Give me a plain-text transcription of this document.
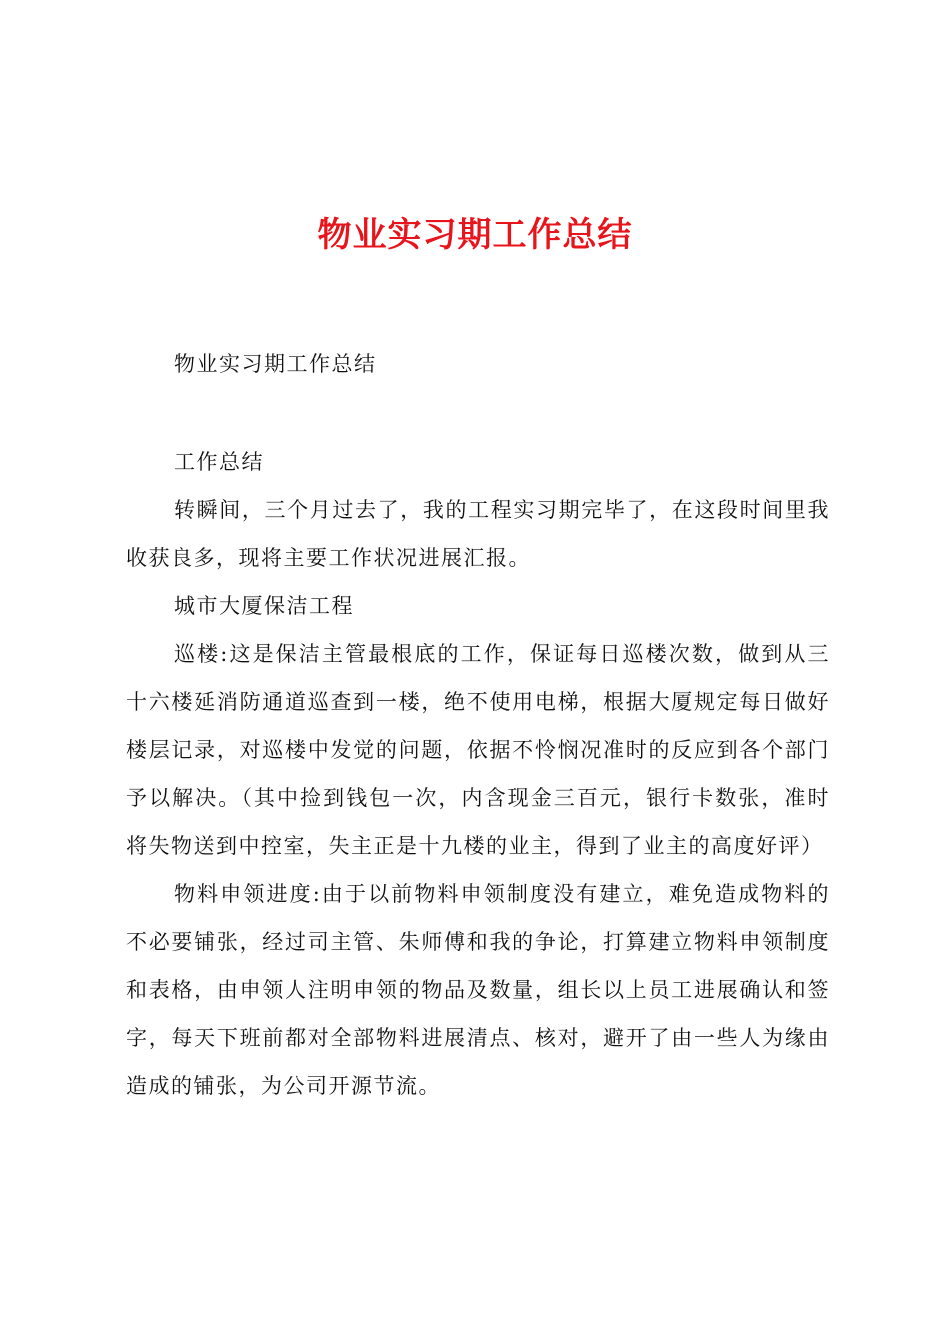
物业实习期工作总结

物业实习期工作总结

工作总结

转瞬间，三个月过去了，我的工程实习期完毕了，在这段时间里我收获良多，现将主要工作状况进展汇报。

城市大厦保洁工程

巡楼:这是保洁主管最根底的工作，保证每日巡楼次数，做到从三十六楼延消防通道巡查到一楼，绝不使用电梯，根据大厦规定每日做好楼层记录，对巡楼中发觉的问题，依据不怜悯况准时的反应到各个部门予以解决。（其中捡到钱包一次，内含现金三百元，银行卡数张，准时将失物送到中控室，失主正是十九楼的业主，得到了业主的高度好评）

物料申领进度:由于以前物料申领制度没有建立，难免造成物料的不必要铺张，经过司主管、朱师傅和我的争论，打算建立物料申领制度和表格，由申领人注明申领的物品及数量，组长以上员工进展确认和签字，每天下班前都对全部物料进展清点、核对，避开了由一些人为缘由造成的铺张，为公司开源节流。
